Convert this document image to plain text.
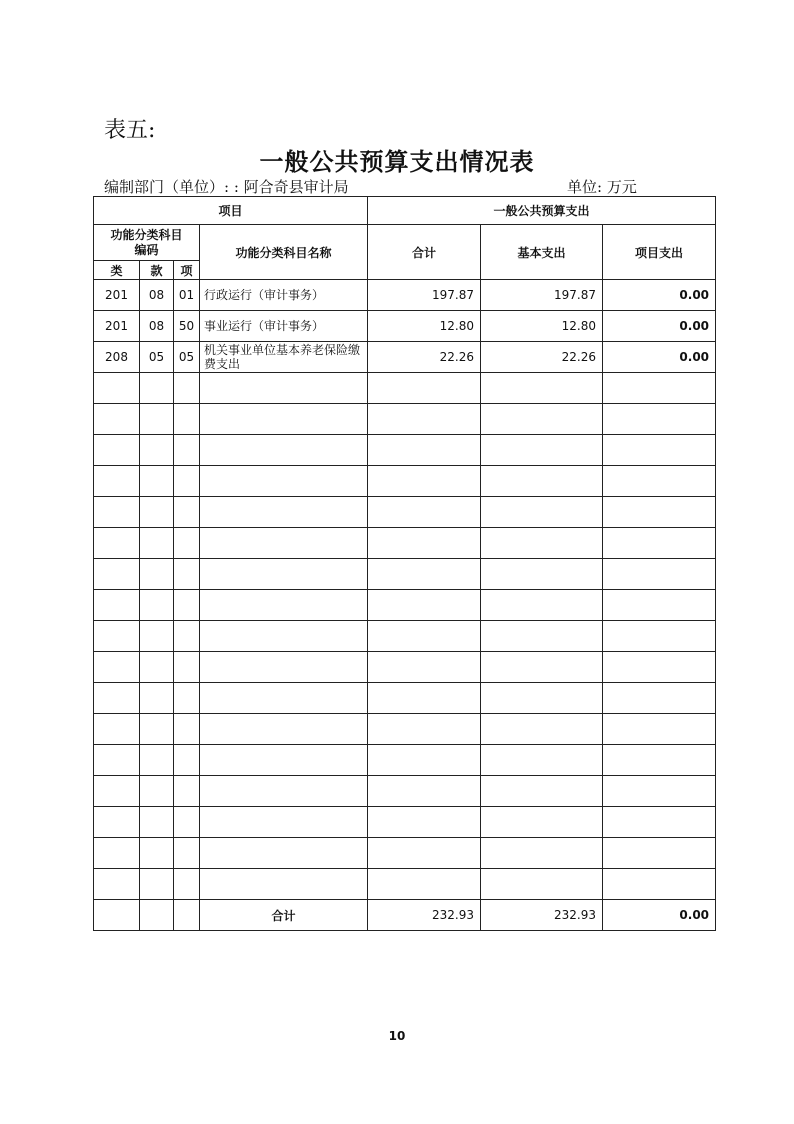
表五:
一般公共预算支出情况表
编制部门（单位）: : 阿合奇县审计局	单位: 万元
项目				一般公共预算支出		

功能分类科目
编码			功能分类科目名称	合计	基本支出	项目支出
类	款	项				
201	08	01	行政运行（审计事务）	197.87	197.87	0.00
201	08	50	事业运行（审计事务）	12.80	12.80	0.00
208	05	05	机关事业单位基本养老保险缴费支出	22.26	22.26	0.00

			合计	232.93	232.93	0.00
10
